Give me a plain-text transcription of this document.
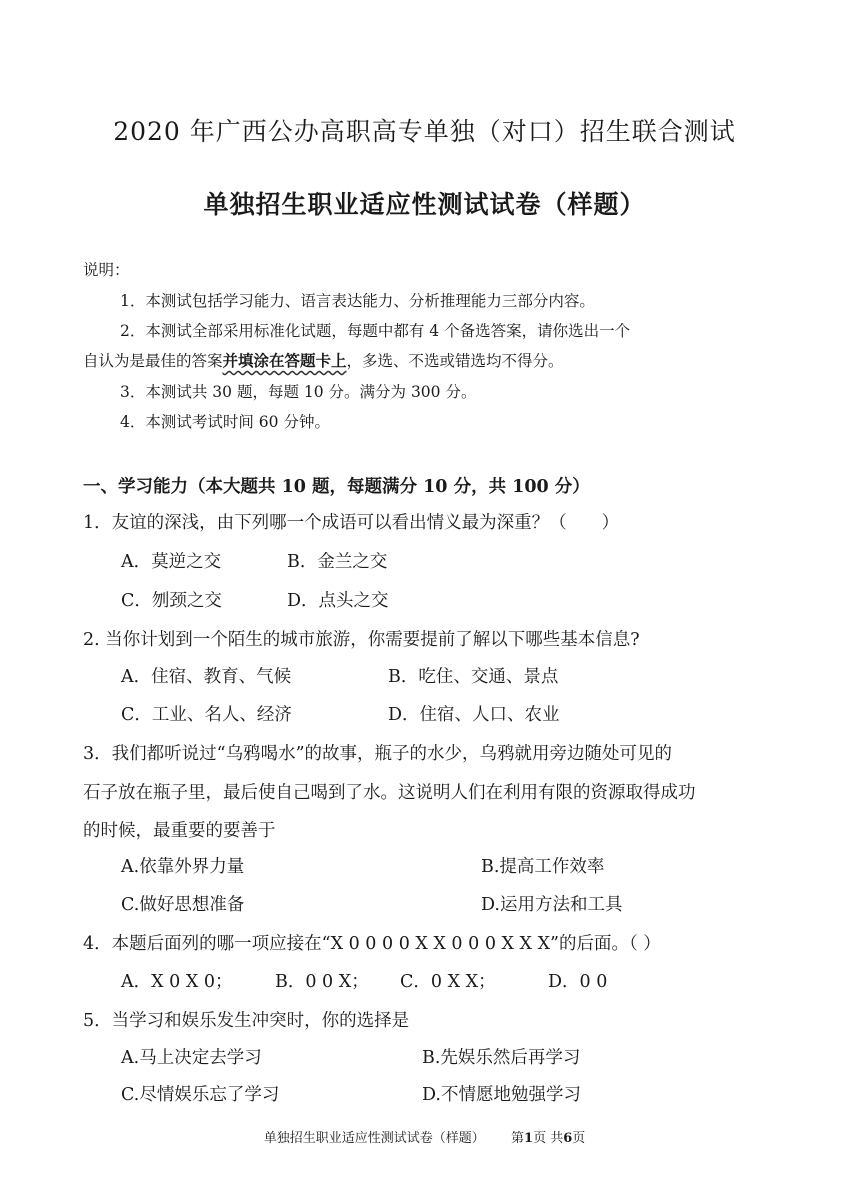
2020 年广西公办高职高专单独（对口）招生联合测试
单独招生职业适应性测试试卷（样题）
说明：
1．本测试包括学习能力、语言表达能力、分析推理能力三部分内容。
2．本测试全部采用标准化试题，每题中都有 4 个备选答案，请你选出一个
自认为是最佳的答案并填涂在答题卡上，多选、不选或错选均不得分。
3．本测试共 30 题，每题 10 分。满分为 300 分。
4．本测试考试时间 60 分钟。
一、学习能力（本大题共 10 题，每题满分 10 分，共 100 分）
1．友谊的深浅，由下列哪一个成语可以看出情义最为深重？（　　）
A．莫逆之交	B．金兰之交
C．刎颈之交	D．点头之交
2. 当你计划到一个陌生的城市旅游，你需要提前了解以下哪些基本信息?
A．住宿、教育、气候	B．吃住、交通、景点
C．工业、名人、经济	D．住宿、人口、农业
3．我们都听说过“乌鸦喝水”的故事，瓶子的水少，乌鸦就用旁边随处可见的
石子放在瓶子里，最后使自己喝到了水。这说明人们在利用有限的资源取得成功
的时候，最重要的要善于
A.依靠外界力量	B.提高工作效率
C.做好思想准备	D.运用方法和工具
4．本题后面列的哪一项应接在“X 0 0 0 0 X X 0 0 0 X X X”的后面。（ ）
A．X 0 X 0； B．0 0 X； C．0 X X；	D．0 0
5．当学习和娱乐发生冲突时，你的选择是
A.马上决定去学习	B.先娱乐然后再学习
C.尽情娱乐忘了学习	D.不情愿地勉强学习
单独招生职业适应性测试试卷（样题） 第1页 共6页
